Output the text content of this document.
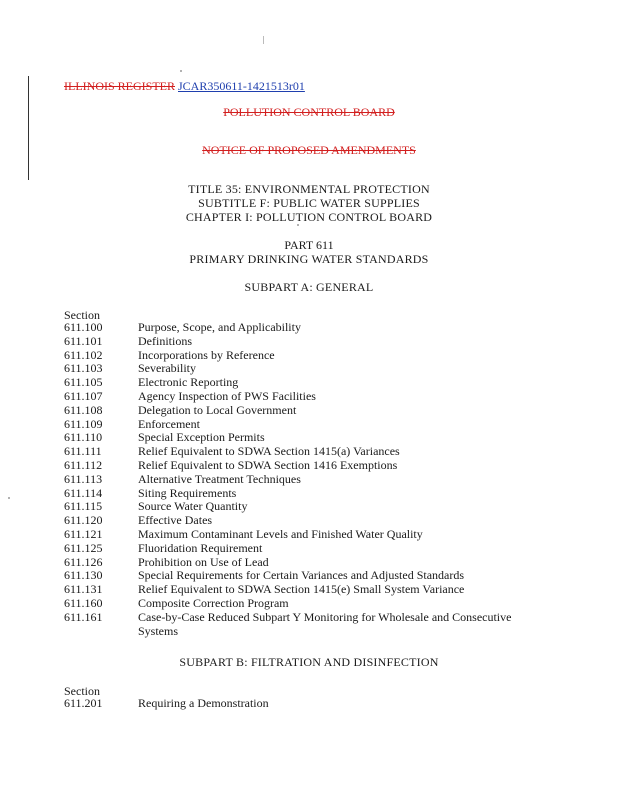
ILLINOIS REGISTER JCAR350611-1421513r01
POLLUTION CONTROL BOARD
NOTICE OF PROPOSED AMENDMENTS
TITLE 35: ENVIRONMENTAL PROTECTION
SUBTITLE F: PUBLIC WATER SUPPLIES
CHAPTER I: POLLUTION CONTROL BOARD
PART 611
PRIMARY DRINKING WATER STANDARDS
SUBPART A: GENERAL
Section
611.100	Purpose, Scope, and Applicability
611.101	Definitions
611.102	Incorporations by Reference
611.103	Severability
611.105	Electronic Reporting
611.107	Agency Inspection of PWS Facilities
611.108	Delegation to Local Government
611.109	Enforcement
611.110	Special Exception Permits
611.111	Relief Equivalent to SDWA Section 1415(a) Variances
611.112	Relief Equivalent to SDWA Section 1416 Exemptions
611.113	Alternative Treatment Techniques
611.114	Siting Requirements
611.115	Source Water Quantity
611.120	Effective Dates
611.121	Maximum Contaminant Levels and Finished Water Quality
611.125	Fluoridation Requirement
611.126	Prohibition on Use of Lead
611.130	Special Requirements for Certain Variances and Adjusted Standards
611.131	Relief Equivalent to SDWA Section 1415(e) Small System Variance
611.160	Composite Correction Program
611.161	Case-by-Case Reduced Subpart Y Monitoring for Wholesale and Consecutive Systems
SUBPART B: FILTRATION AND DISINFECTION
Section
611.201	Requiring a Demonstration
